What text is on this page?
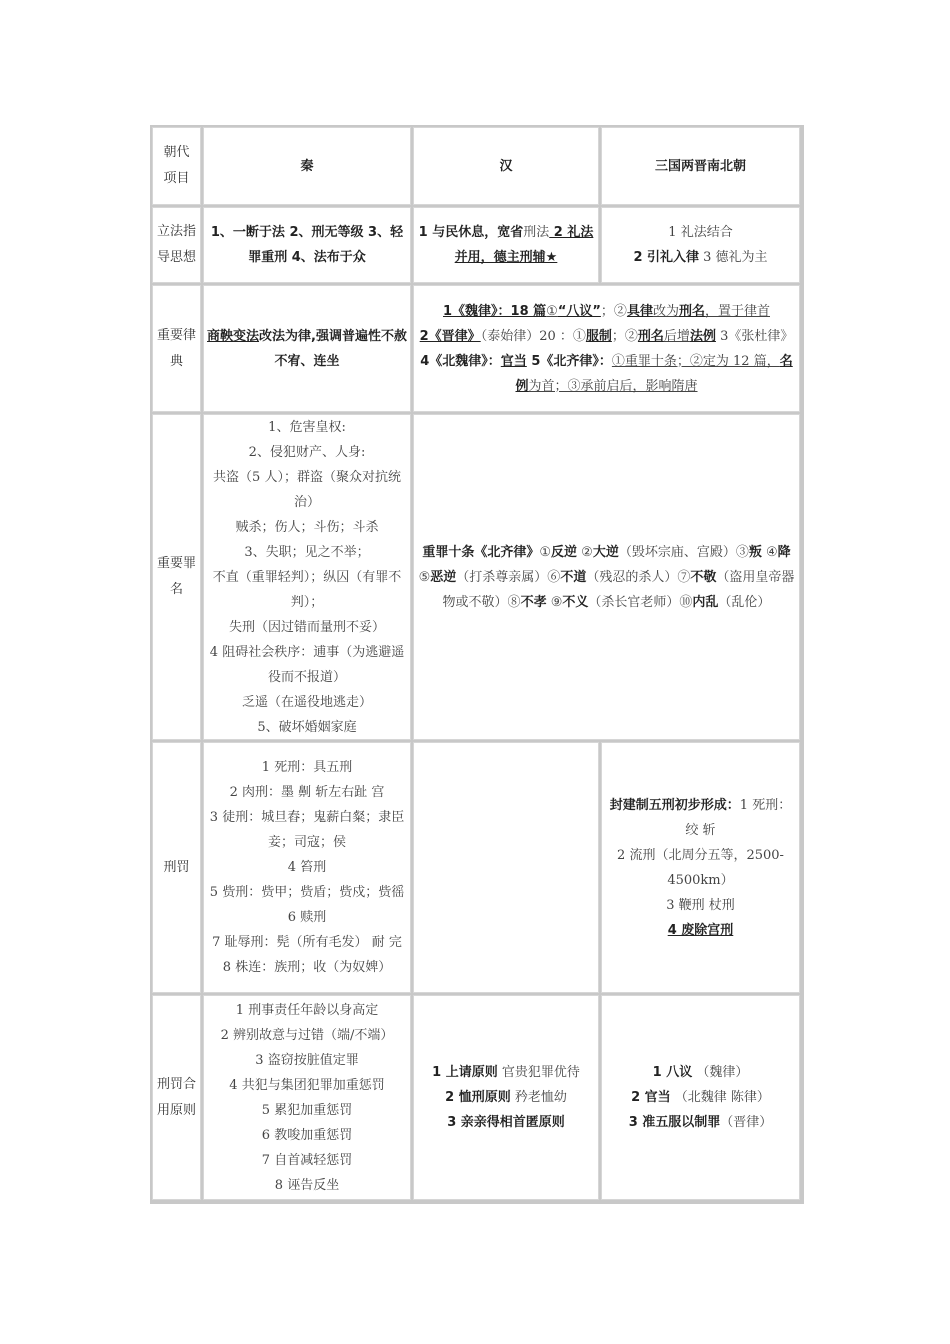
朝代
项目
秦	汉	三国两晋南北朝
立法指
导思想
1、一断于法 2、刑无等级 3、轻罪重刑 4、法布于众
1 与民休息，宽省刑法 2 礼法并用，德主刑辅★
1 礼法结合
2 引礼入律 3 德礼为主
重要律
典
商鞅变法改法为律,强调普遍性不赦不宥、连坐
1《魏律》：18 篇①“八议”；②具律改为刑名，置于律首
2《晋律》（泰始律）20 ：①服制；②刑名后增法例 3《张杜律》
4《北魏律》：官当 5《北齐律》：①重罪十条；②定为 12 篇，名例为首；③承前启后，影响隋唐
重要罪
名
1、危害皇权:
2、侵犯财产、人身:
共盗（5 人）；群盗（聚众对抗统治）
贼杀；伤人；斗伤；斗杀
3、失职；见之不举；
不直（重罪轻判）；纵囚（有罪不判）；
失刑（因过错而量刑不妥）
4 阻碍社会秩序：逋事（为逃避遥役而不报道）
乏遥（在遥役地逃走）
5、破坏婚姻家庭
重罪十条《北齐律》①反逆 ②大逆（毁坏宗庙、宫殿）③叛 ④降 ⑤恶逆（打杀尊亲属）⑥不道（残忍的杀人）⑦不敬（盗用皇帝器物或不敬）⑧不孝 ⑨不义（杀长官老师）⑩内乱（乱伦）
刑罚
1 死刑：具五刑
2 肉刑：墨 劓 斩左右趾 宫
3 徒刑：城旦舂；鬼薪白粲；隶臣妾；司寇；侯
4 笞刑
5 赀刑：赀甲；赀盾；赀戍；赀徭
6 赎刑
7 耻辱刑：髡（所有毛发） 耐 完
8 株连：族刑；收（为奴婢）
封建制五刑初步形成：1 死刑：绞 斩
2 流刑（北周分五等，2500-4500km）
3 鞭刑 杖刑
4 废除宫刑
刑罚合
用原则
1 刑事责任年龄以身高定
2 辨别故意与过错（端/不端）
3 盗窃按脏值定罪
4 共犯与集团犯罪加重惩罚
5 累犯加重惩罚
6 教唆加重惩罚
7 自首减轻惩罚
8 诬告反坐
1 上请原则 官贵犯罪优待
2 恤刑原则 矜老恤幼
3 亲亲得相首匿原则
1 八议 （魏律）
2 官当 （北魏律 陈律）
3 准五服以制罪（晋律）
